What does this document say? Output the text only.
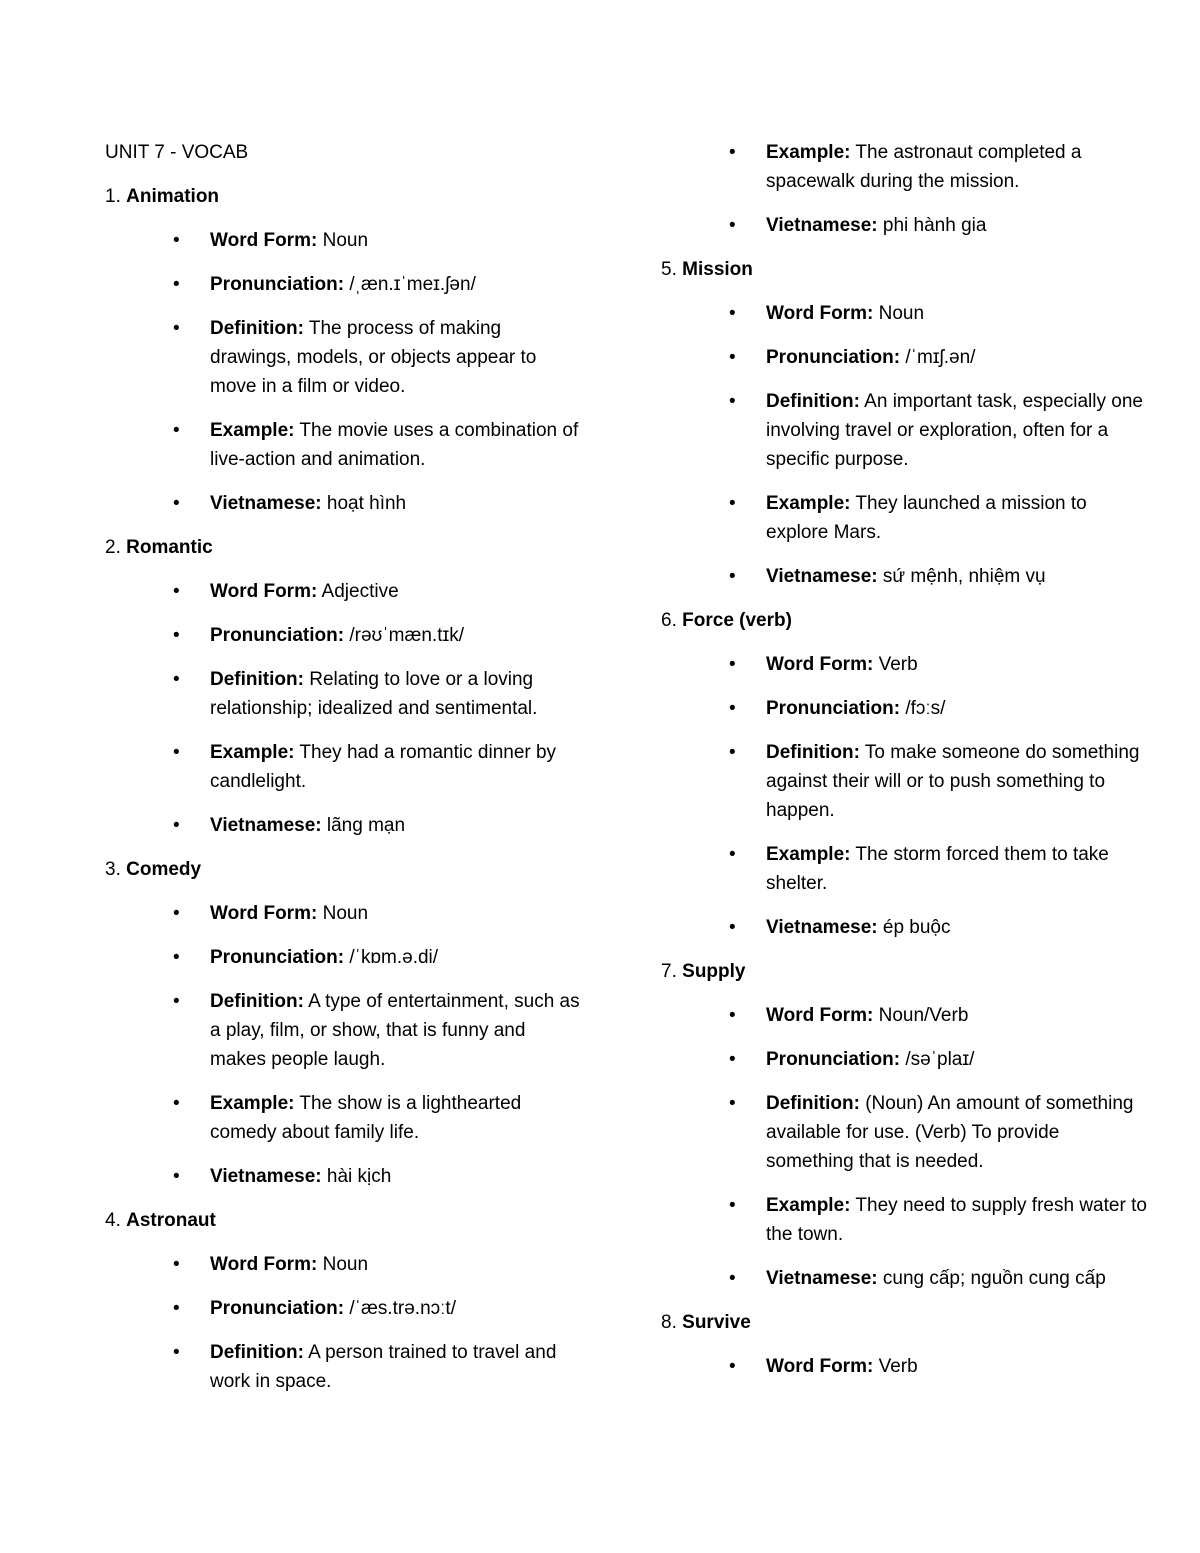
UNIT 7 - VOCAB
1. Animation
• Word Form: Noun
• Pronunciation: /ˌæn.ɪˈmeɪ.ʃən/
• Definition: The process of making drawings, models, or objects appear to move in a film or video.
• Example: The movie uses a combination of live-action and animation.
• Vietnamese: hoạt hình
2. Romantic
• Word Form: Adjective
• Pronunciation: /rəʊˈmæn.tɪk/
• Definition: Relating to love or a loving relationship; idealized and sentimental.
• Example: They had a romantic dinner by candlelight.
• Vietnamese: lãng mạn
3. Comedy
• Word Form: Noun
• Pronunciation: /ˈkɒm.ə.di/
• Definition: A type of entertainment, such as a play, film, or show, that is funny and makes people laugh.
• Example: The show is a lighthearted comedy about family life.
• Vietnamese: hài kịch
4. Astronaut
• Word Form: Noun
• Pronunciation: /ˈæs.trə.nɔːt/
• Definition: A person trained to travel and work in space.
• Example: The astronaut completed a spacewalk during the mission.
• Vietnamese: phi hành gia
5. Mission
• Word Form: Noun
• Pronunciation: /ˈmɪʃ.ən/
• Definition: An important task, especially one involving travel or exploration, often for a specific purpose.
• Example: They launched a mission to explore Mars.
• Vietnamese: sứ mệnh, nhiệm vụ
6. Force (verb)
• Word Form: Verb
• Pronunciation: /fɔːs/
• Definition: To make someone do something against their will or to push something to happen.
• Example: The storm forced them to take shelter.
• Vietnamese: ép buộc
7. Supply
• Word Form: Noun/Verb
• Pronunciation: /səˈplaɪ/
• Definition: (Noun) An amount of something available for use. (Verb) To provide something that is needed.
• Example: They need to supply fresh water to the town.
• Vietnamese: cung cấp; nguồn cung cấp
8. Survive
• Word Form: Verb
